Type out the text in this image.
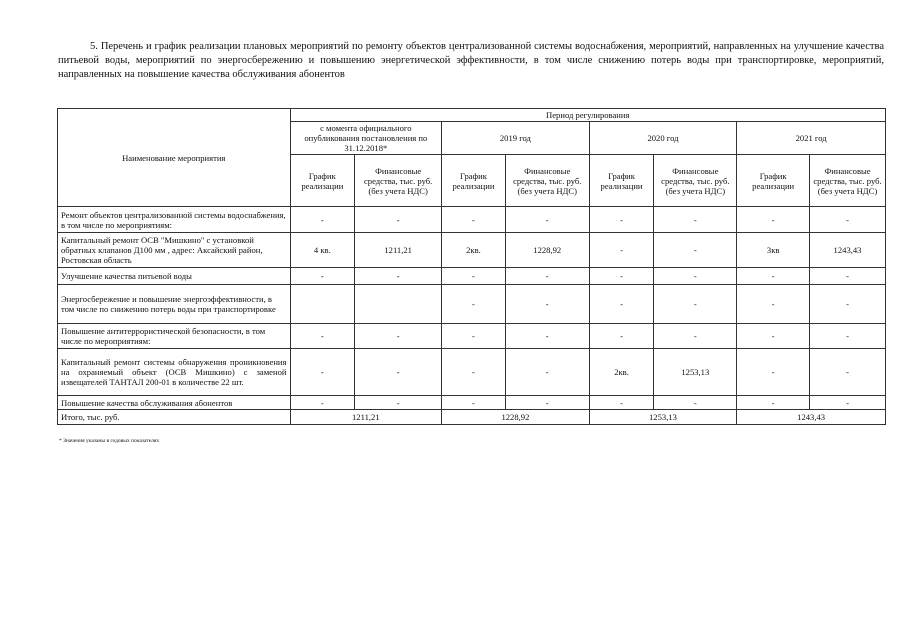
5. Перечень и график реализации плановых мероприятий по ремонту объектов централизованной системы водоснабжения, мероприятий, направленных на улучшение качества питьевой воды, мероприятий по энергосбережению и повышению энергетической эффективности, в том числе снижению потерь воды при транспортировке, мероприятий, направленных на повышение качества обслуживания абонентов
Наименование мероприятия	Период регулирования							
	с момента официального опубликования постановления по 31.12.2018*		2019 год		2020 год		2021 год	
	График реализации	Финансовые средства, тыс. руб. (без учета НДС)	График реализации	Финансовые средства, тыс. руб. (без учета НДС)	График реализации	Финансовые средства, тыс. руб. (без учета НДС)	График реализации	Финансовые средства, тыс. руб. (без учета НДС)
Ремонт объектов централизованной системы водоснабжения, в том числе по мероприятиям:	-	-	-	-	-	-	-	-
Капитальный ремонт ОСВ "Мишкино" с установкой обратных клапанов Д100 мм , адрес: Аксайский район, Ростовская область	4 кв.	1211,21	2кв.	1228,92	-	-	3кв	1243,43
Улучшение качества питьевой воды	-	-	-	-	-	-	-	-
Энергосбережение и повышение энергоэффективности, в том числе по снижению потерь воды при транспортировке			-	-	-	-	-	-
Повышение антитеррористической безопасности, в том числе по мероприятиям:	-	-	-	-	-	-	-	-
Капитальный ремонт системы обнаружения проникновения на охраняемый объект (ОСВ Мишкино) с заменой извещателей ТАНТАЛ 200-01 в количестве 22 шт.	-	-	-	-	2кв.	1253,13	-	-
Повышение качества обслуживания абонентов	-	-	-	-	-	-	-	-
Итого, тыс. руб.	1211,21		1228,92		1253,13		1243,43	
* Значения указаны в годовых показателях
